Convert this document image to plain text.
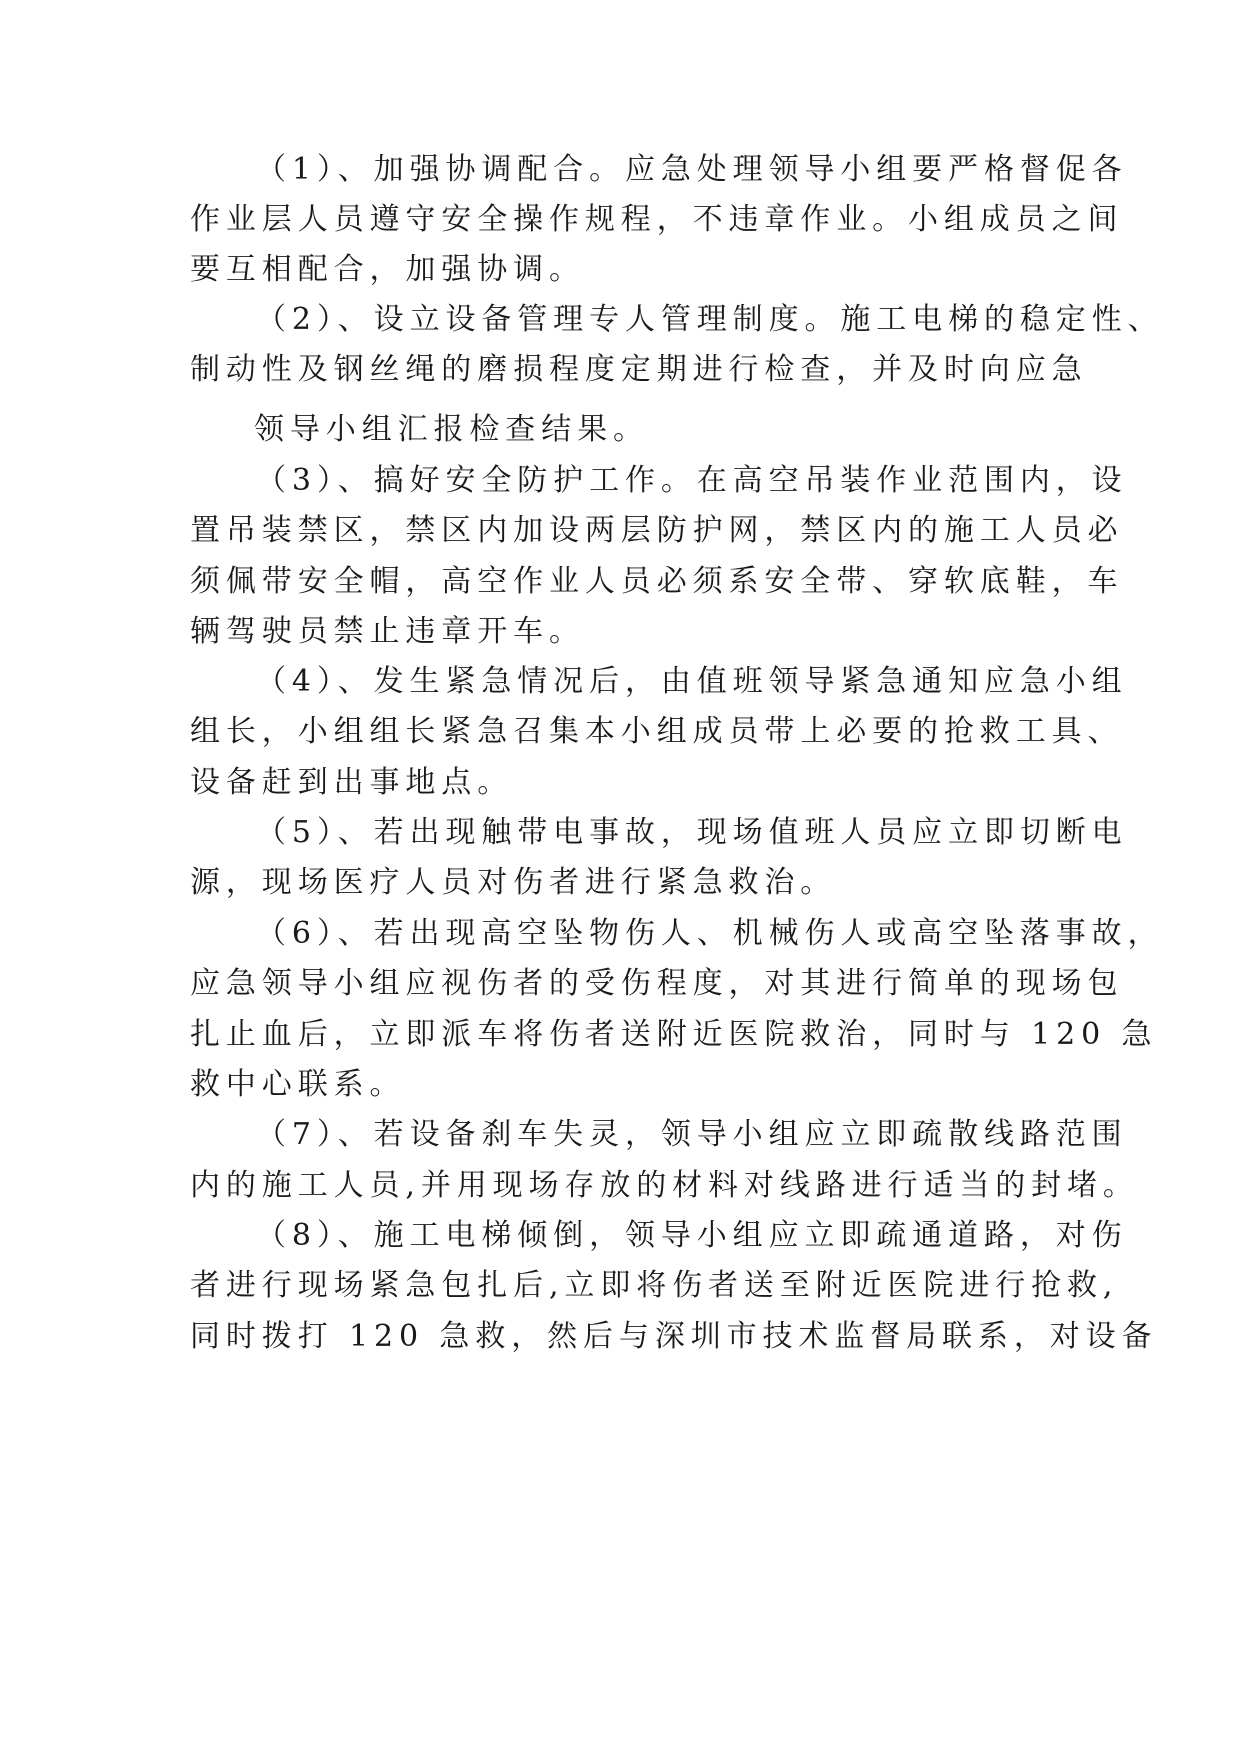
（1）、加强协调配合。应急处理领导小组要严格督促各
作业层人员遵守安全操作规程，不违章作业。小组成员之间
要互相配合，加强协调。
（2）、设立设备管理专人管理制度。施工电梯的稳定性、
制动性及钢丝绳的磨损程度定期进行检查，并及时向应急
领导小组汇报检查结果。
（3）、搞好安全防护工作。在高空吊装作业范围内，设
置吊装禁区，禁区内加设两层防护网，禁区内的施工人员必
须佩带安全帽，高空作业人员必须系安全带、穿软底鞋，车
辆驾驶员禁止违章开车。
（4）、发生紧急情况后，由值班领导紧急通知应急小组
组长，小组组长紧急召集本小组成员带上必要的抢救工具、
设备赶到出事地点。
（5）、若出现触带电事故，现场值班人员应立即切断电
源，现场医疗人员对伤者进行紧急救治。
（6）、若出现高空坠物伤人、机械伤人或高空坠落事故，
应急领导小组应视伤者的受伤程度，对其进行简单的现场包
扎止血后，立即派车将伤者送附近医院救治，同时与 120 急
救中心联系。
（7）、若设备刹车失灵，领导小组应立即疏散线路范围
内的施工人员,并用现场存放的材料对线路进行适当的封堵。
（8）、施工电梯倾倒，领导小组应立即疏通道路，对伤
者进行现场紧急包扎后,立即将伤者送至附近医院进行抢救,
同时拨打 120 急救，然后与深圳市技术监督局联系，对设备
